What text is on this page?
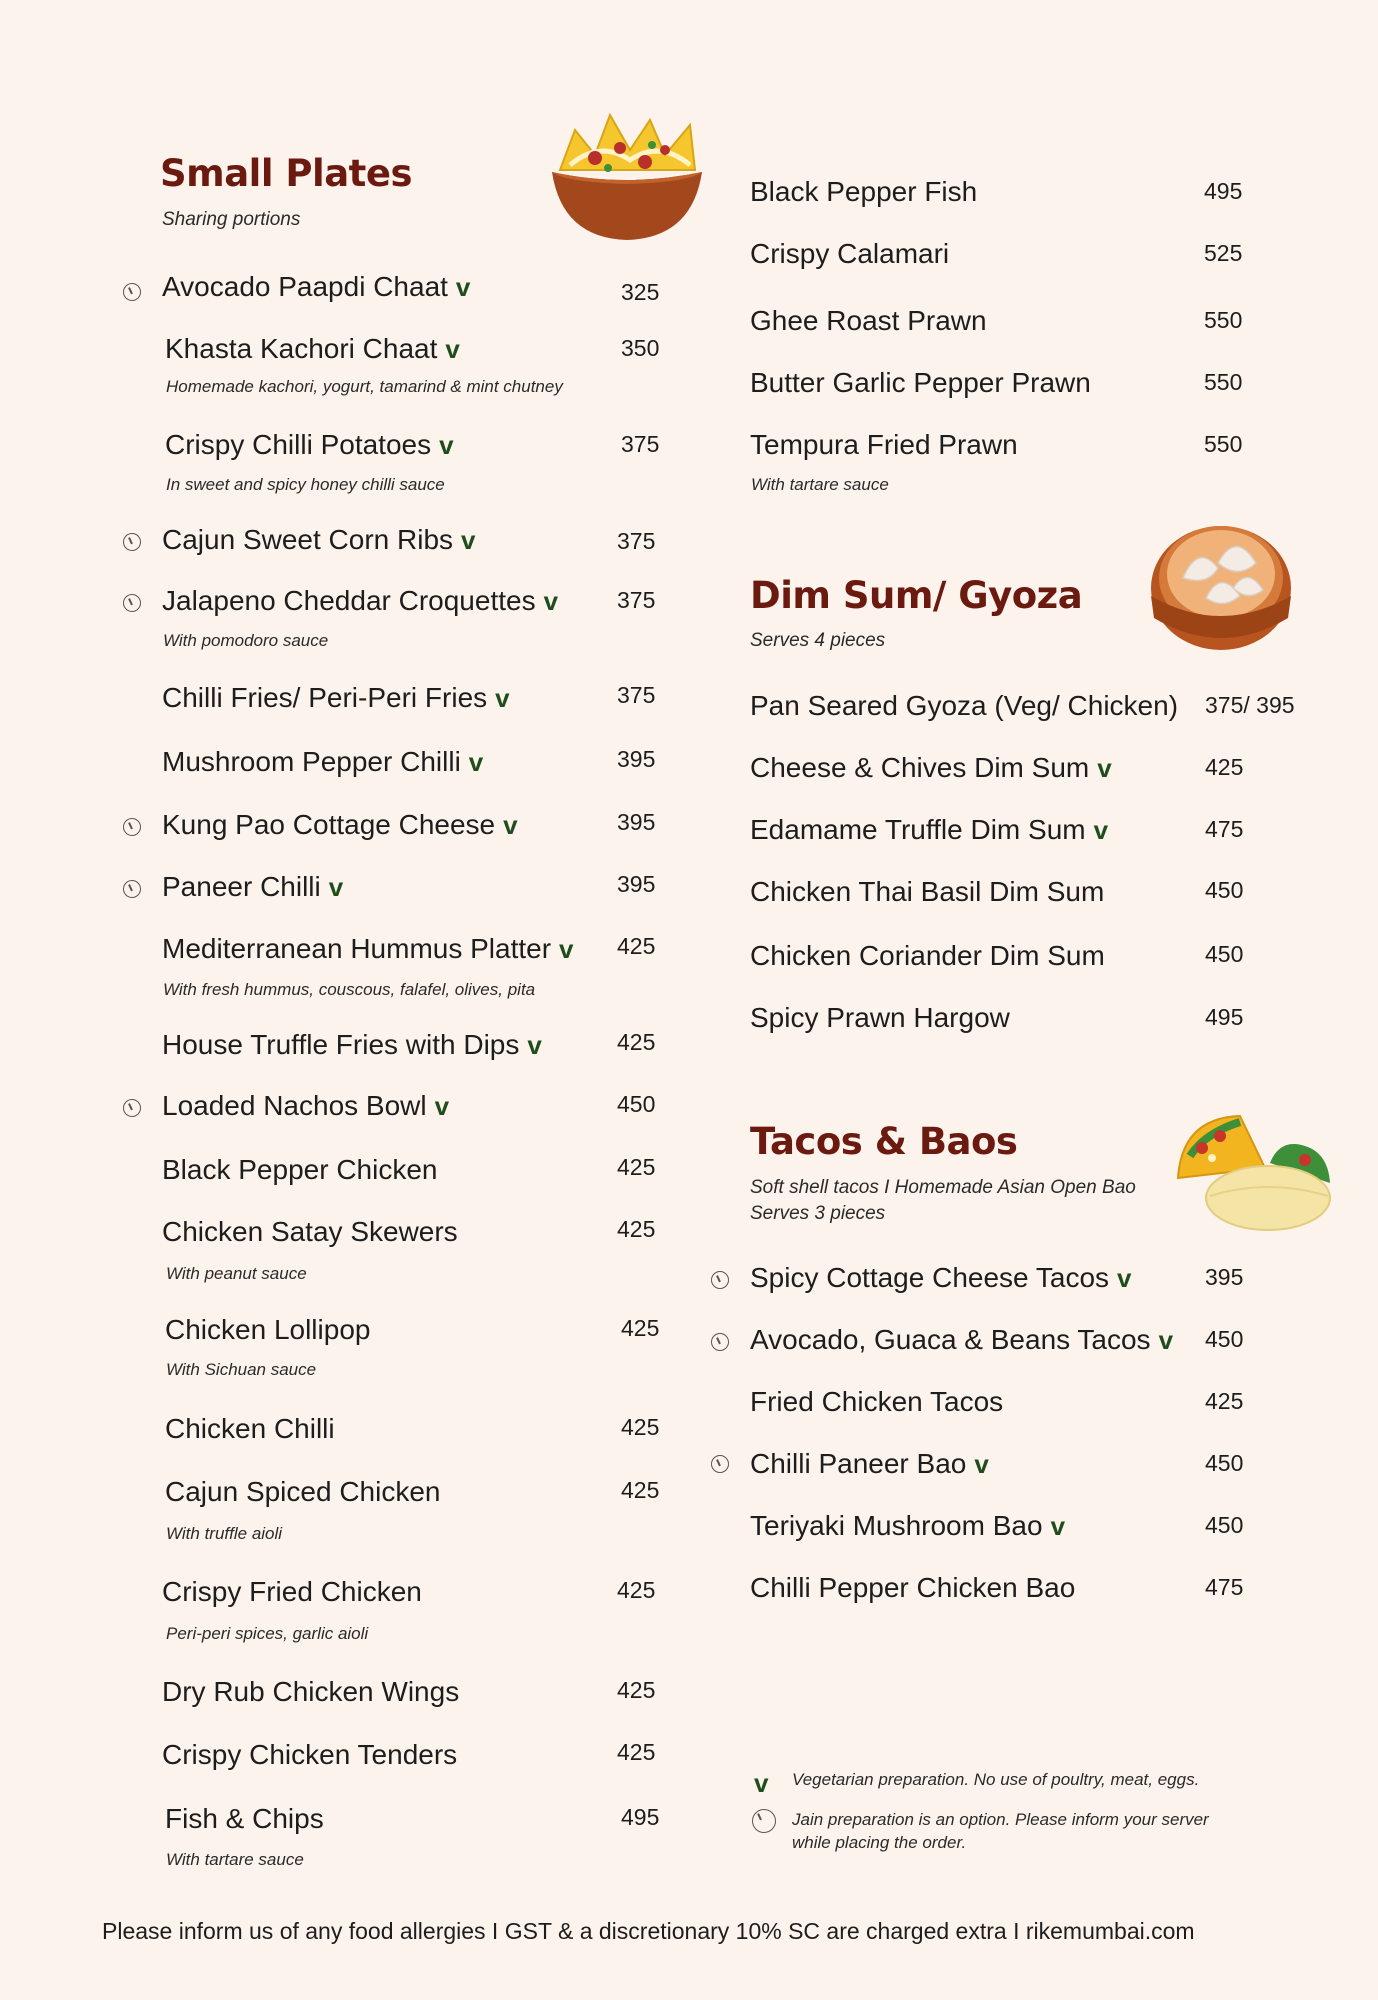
Small Plates
Sharing portions
Avocado Paapdi Chaat v	325
Khasta Kachori Chaat v	350
Homemade kachori, yogurt, tamarind & mint chutney
Crispy Chilli Potatoes v	375
In sweet and spicy honey chilli sauce
Cajun Sweet Corn Ribs v	375
Jalapeno Cheddar Croquettes v	375
With pomodoro sauce
Chilli Fries/ Peri-Peri Fries v	375
Mushroom Pepper Chilli v	395
Kung Pao Cottage Cheese v	395
Paneer Chilli v	395
Mediterranean Hummus Platter v 425
With fresh hummus, couscous, falafel, olives, pita
House Truffle Fries with Dips v	425
Loaded Nachos Bowl v	450
Black Pepper Chicken	425
Chicken Satay Skewers	425
With peanut sauce
Chicken Lollipop	425
With Sichuan sauce
Chicken Chilli	425
Cajun Spiced Chicken	425
With truffle aioli
Crispy Fried Chicken	425
Peri-peri spices, garlic aioli
Dry Rub Chicken Wings	425
Crispy Chicken Tenders	425
Fish & Chips	495
With tartare sauce
Black Pepper Fish	495
Crispy Calamari	525
Ghee Roast Prawn	550
Butter Garlic Pepper Prawn	550
Tempura Fried Prawn	550
With tartare sauce
Dim Sum/ Gyoza
Serves 4 pieces
Pan Seared Gyoza (Veg/ Chicken) 375/ 395
Cheese & Chives Dim Sum v	425
Edamame Truffle Dim Sum v	475
Chicken Thai Basil Dim Sum	450
Chicken Coriander Dim Sum	450
Spicy Prawn Hargow	495
Tacos & Baos
Soft shell tacos I Homemade Asian Open Bao
Serves 3 pieces
Spicy Cottage Cheese Tacos v	395
Avocado, Guaca & Beans Tacos v 450
Fried Chicken Tacos	425
Chilli Paneer Bao v	450
Teriyaki Mushroom Bao v	450
Chilli Pepper Chicken Bao	475
v Vegetarian preparation. No use of poultry, meat, eggs.
Jain preparation is an option. Please inform your server
while placing the order.
Please inform us of any food allergies I GST & a discretionary 10% SC are charged extra I rikemumbai.com
